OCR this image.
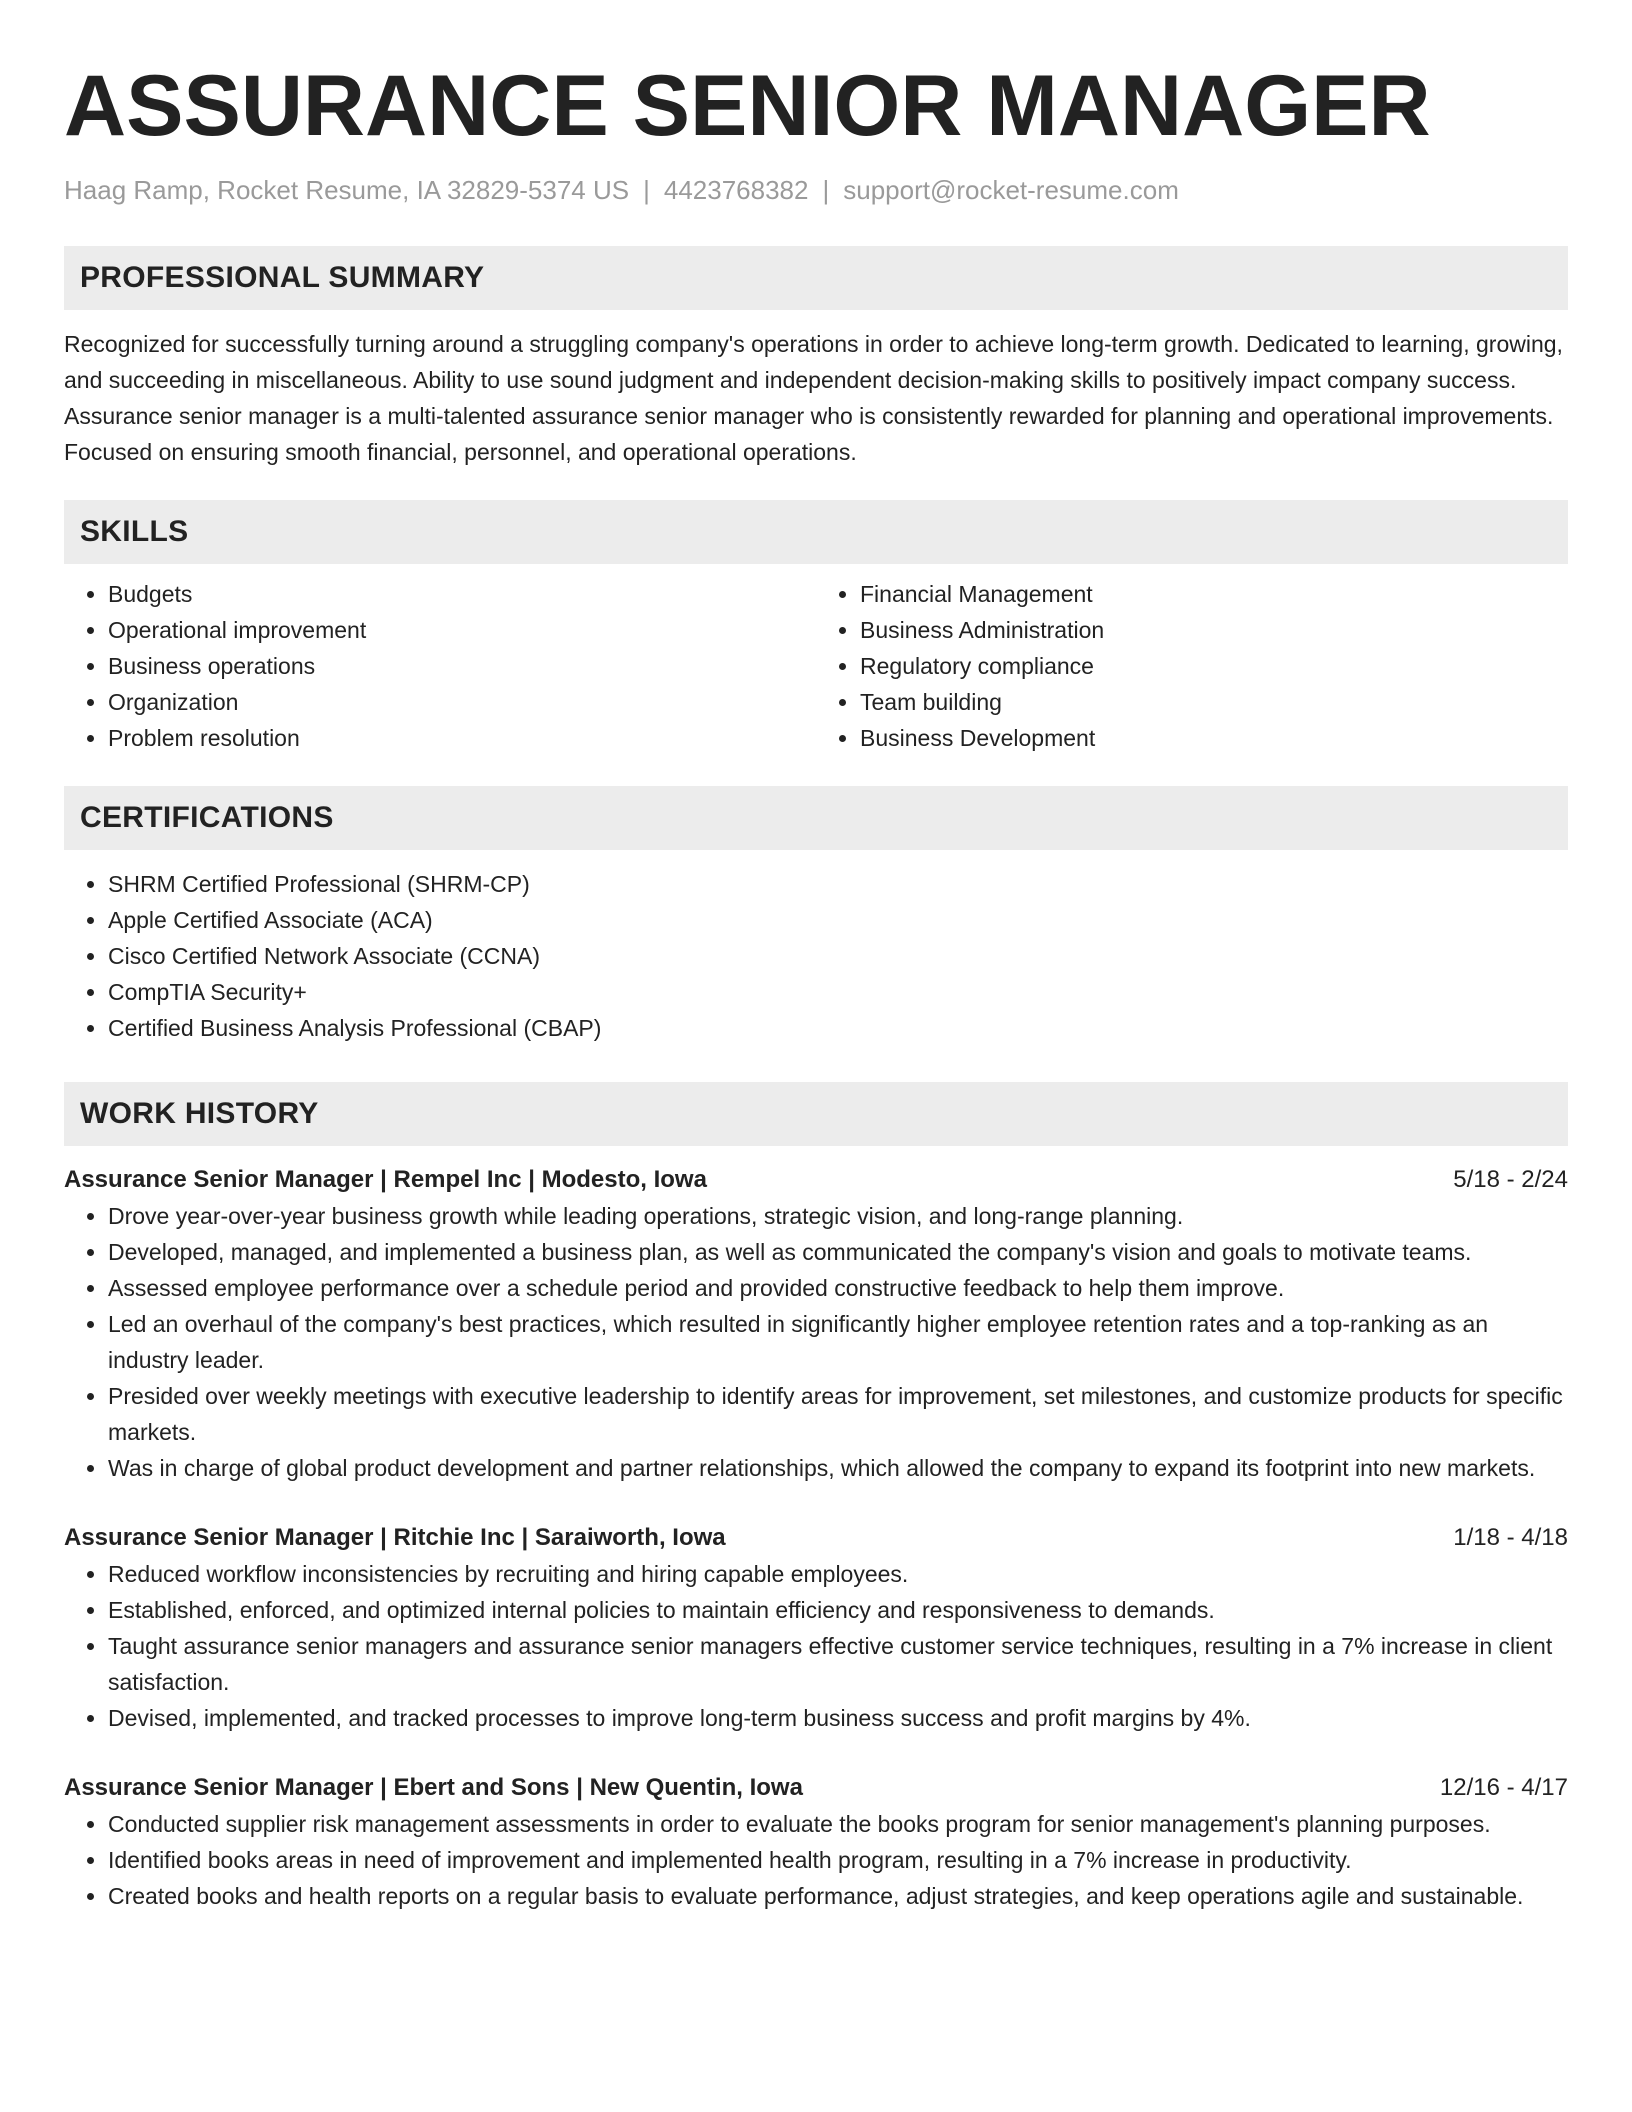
ASSURANCE SENIOR MANAGER
Haag Ramp, Rocket Resume, IA 32829-5374 US | 4423768382 | support@rocket-resume.com
PROFESSIONAL SUMMARY

Recognized for successfully turning around a struggling company's operations in order to achieve long-term growth. Dedicated to learning, growing, and succeeding in miscellaneous. Ability to use sound judgment and independent decision-making skills to positively impact company success. Assurance senior manager is a multi-talented assurance senior manager who is consistently rewarded for planning and operational improvements. Focused on ensuring smooth financial, personnel, and operational operations.

SKILLS
• Budgets
• Operational improvement
• Business operations
• Organization
• Problem resolution
• Financial Management
• Business Administration
• Regulatory compliance
• Team building
• Business Development
CERTIFICATIONS
• SHRM Certified Professional (SHRM-CP)
• Apple Certified Associate (ACA)
• Cisco Certified Network Associate (CCNA)
• CompTIA Security+
• Certified Business Analysis Professional (CBAP)
WORK HISTORY
Assurance Senior Manager | Rempel Inc | Modesto, Iowa	5/18 - 2/24
• Drove year-over-year business growth while leading operations, strategic vision, and long-range planning.
• Developed, managed, and implemented a business plan, as well as communicated the company's vision and goals to motivate teams.
• Assessed employee performance over a schedule period and provided constructive feedback to help them improve.
• Led an overhaul of the company's best practices, which resulted in significantly higher employee retention rates and a top-ranking as an industry leader.
• Presided over weekly meetings with executive leadership to identify areas for improvement, set milestones, and customize products for specific markets.
• Was in charge of global product development and partner relationships, which allowed the company to expand its footprint into new markets.
Assurance Senior Manager | Ritchie Inc | Saraiworth, Iowa	1/18 - 4/18
• Reduced workflow inconsistencies by recruiting and hiring capable employees.
• Established, enforced, and optimized internal policies to maintain efficiency and responsiveness to demands.
• Taught assurance senior managers and assurance senior managers effective customer service techniques, resulting in a 7% increase in client satisfaction.
• Devised, implemented, and tracked processes to improve long-term business success and profit margins by 4%.
Assurance Senior Manager | Ebert and Sons | New Quentin, Iowa	12/16 - 4/17
• Conducted supplier risk management assessments in order to evaluate the books program for senior management's planning purposes.
• Identified books areas in need of improvement and implemented health program, resulting in a 7% increase in productivity.
• Created books and health reports on a regular basis to evaluate performance, adjust strategies, and keep operations agile and sustainable.
